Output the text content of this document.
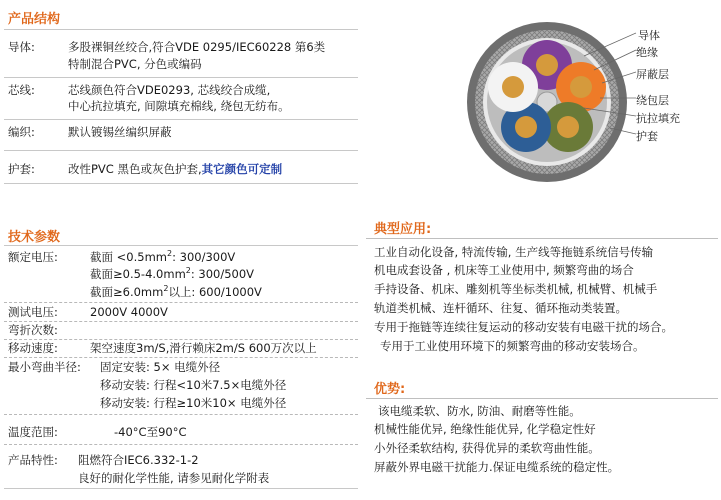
产品结构
导体:	多股裸铜丝绞合,符合VDE 0295/IEC60228 第6类
特制混合PVC, 分色或编码
芯线:	芯线颜色符合VDE0293, 芯线绞合成缆,
中心抗拉填充, 间隙填充棉线, 绕包无纺布。
编织:	默认镀锡丝编织屏蔽
护套:	改性PVC 黑色或灰色护套,其它颜色可定制
导体
绝缘
屏蔽层
绕包层
抗拉填充
护套
技术参数
额定电压:	截面 $<0.5mm^2$: 300/300V
截面$\ge 0.5-4.0mm^2$: 300/500V
截面$\ge 6.0mm^2$以上: 600/1000V
测试电压:	2000V 4000V
弯折次数:
移动速度:	架空速度3m/S,滑行赖床2m/S 600万次以上
最小弯曲半径: 固定安装: 5× 电缆外径
移动安装: 行程<10米7.5×电缆外径
移动安装: 行程≥10米10× 电缆外径
温度范围:	-40°C至90°C
产品特性: 阻燃符合IEC6.332-1-2
良好的耐化学性能, 请参见耐化学附表
典型应用:
工业自动化设备, 特流传输, 生产线等拖链系统信号传输
机电成套设备 , 机床等工业使用中, 频繁弯曲的场合
手持设备、机床、雕刻机等坐标类机械, 机械臂、机械手
轨道类机械、连杆循环、往复、循环拖动类装置。
专用于拖链等连续往复运动的移动安装有电磁干扰的场合。
专用于工业使用环境下的频繁弯曲的移动安装场合。
优势:
该电缆柔软、防水, 防油、耐磨等性能。
机械性能优异, 绝缘性能优异, 化学稳定性好
小外径柔软结构, 获得优异的柔软弯曲性能。
屏蔽外界电磁干扰能力.保证电缆系统的稳定性。
